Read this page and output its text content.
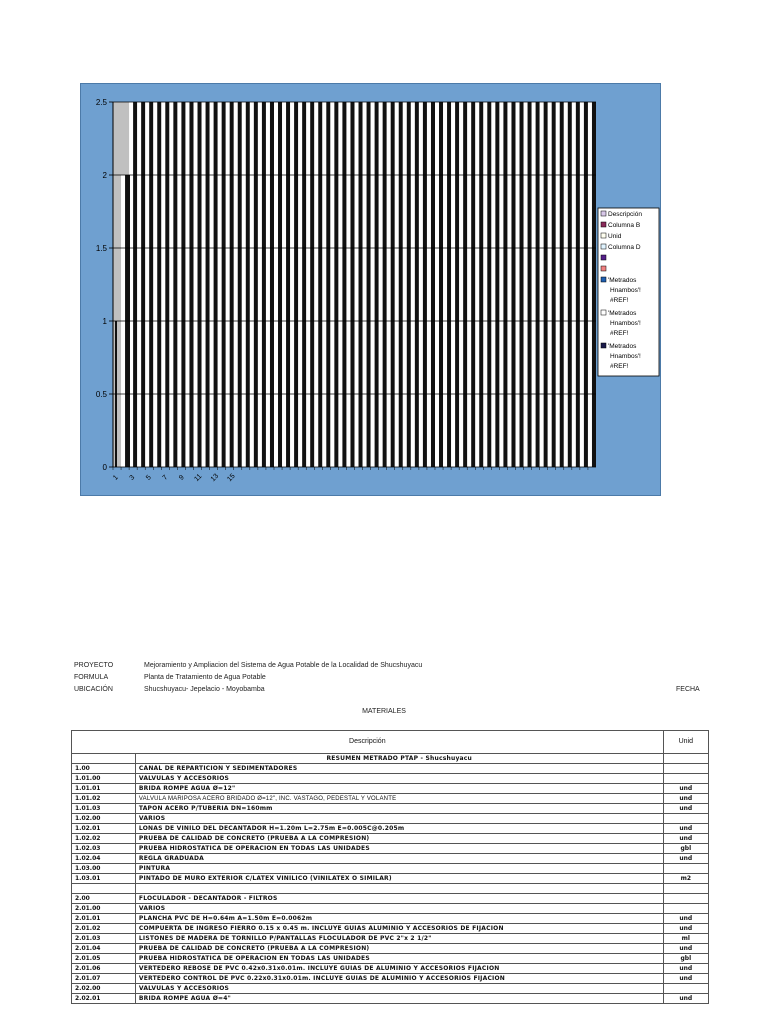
0
0.5
1
1.5
2
2.5
1 3 5 7 9 11 13 15
Descripción
Columna B
Unid
Columna D
'Metrados Hnambos'! #REF!
'Metrados Hnambos'! #REF!
'Metrados Hnambos'! #REF!
PROYECTO	Mejoramiento y Ampliacion del Sistema de Agua Potable de la Localidad de Shucshuyacu
FORMULA	Planta de Tratamiento de Agua Potable
UBICACIÓN	Shucshuyacu- Jepelacio - Moyobamba	FECHA
MATERIALES
Descripción		Unid
	RESUMEN METRADO PTAP - Shucshuyacu	
1.00	CANAL DE REPARTICION Y SEDIMENTADORES	
1.01.00	VALVULAS Y ACCESORIOS	
1.01.01	BRIDA ROMPE AGUA Ø=12"	und
1.01.02	VALVULA MARIPOSA ACERO BRIDADO Ø=12", INC. VASTAGO, PEDESTAL Y VOLANTE	und
1.01.03	TAPON ACERO P/TUBERIA DN=160mm	und
1.02.00	VARIOS	
1.02.01	LONAS DE VINILO DEL DECANTADOR H=1.20m L=2.75m E=0.005C@0.205m	und
1.02.02	PRUEBA DE CALIDAD DE CONCRETO (PRUEBA A LA COMPRESION)	und
1.02.03	PRUEBA HIDROSTATICA DE OPERACION EN TODAS LAS UNIDADES	gbl
1.02.04	REGLA GRADUADA	und
1.03.00	PINTURA	
1.03.01	PINTADO DE MURO EXTERIOR C/LATEX VINILICO (VINILATEX O SIMILAR)	m2

2.00	FLOCULADOR - DECANTADOR - FILTROS	
2.01.00	VARIOS	
2.01.01	PLANCHA PVC DE H=0.64m A=1.50m E=0.0062m	und
2.01.02	COMPUERTA DE INGRESO FIERRO 0.15 x 0.45 m. INCLUYE GUIAS ALUMINIO Y ACCESORIOS DE FIJACION	und
2.01.03	LISTONES DE MADERA DE TORNILLO P/PANTALLAS FLOCULADOR DE PVC 2"x 2 1/2"	ml
2.01.04	PRUEBA DE CALIDAD DE CONCRETO (PRUEBA A LA COMPRESION)	und
2.01.05	PRUEBA HIDROSTATICA DE OPERACION EN TODAS LAS UNIDADES	gbl
2.01.06	VERTEDERO REBOSE DE PVC 0.42x0.31x0.01m. INCLUYE GUIAS DE ALUMINIO Y ACCESORIOS FIJACION	und
2.01.07	VERTEDERO CONTROL DE PVC 0.22x0.31x0.01m. INCLUYE GUIAS DE ALUMINIO Y ACCESORIOS FIJACION	und
2.02.00	VALVULAS Y ACCESORIOS	
2.02.01	BRIDA ROMPE AGUA Ø=4"	und
